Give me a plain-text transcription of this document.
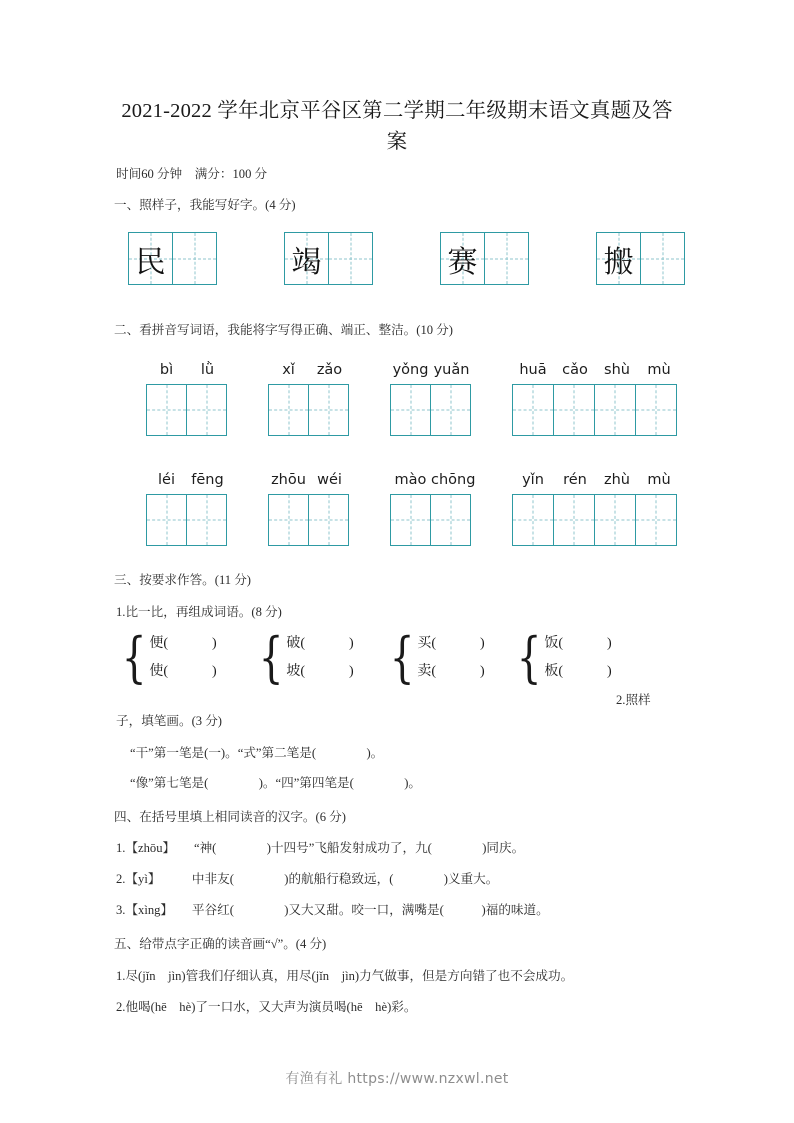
2021-2022 学年北京平谷区第二学期二年级期末语文真题及答案
时间60 分钟　满分：100 分
一、照样子，我能写好字。(4 分)
民	竭	赛	搬
二、看拼音写词语，我能将字写得正确、端正、整洁。(10 分)
bì	lǜ	xǐ	zǎo	yǒng yuǎn	huā	cǎo	shù	mù
léi	fēng	zhōu wéi	mào chōng	yǐn	rén	zhù	mù
三、按要求作答。(11 分)
1.比一比，再组成词语。(8 分)
{ 便(	)
使(	) { 破(	)
坡(	) { 买(	)
卖(	) { 饭(	)
板(	)
2.照样
子，填笔画。(3 分)
“干”第一笔是(一)。“式”第二笔是(　　　　)。
“像”第七笔是(　　　　)。“四”第四笔是(　　　　)。
四、在括号里填上相同读音的汉字。(6 分)
1.【zhōu】　　“神(　　　　)十四号”飞船发射成功了，九(　　　　)同庆。
2.【yì】　　　中非友(　　　　)的航船行稳致远，(　　　　)义重大。
3.【xìng】　　平谷红(　　　　)又大又甜。咬一口，满嘴是(　　　)福的味道。
五、给带点字正确的读音画“√”。(4 分)
1.尽(jǐn　jìn)管我们仔细认真，用尽(jǐn　jìn)力气做事，但是方向错了也不会成功。
2.他喝(hē　hè)了一口水，又大声为演员喝(hē　hè)彩。
有渔有礼 https://www.nzxwl.net
